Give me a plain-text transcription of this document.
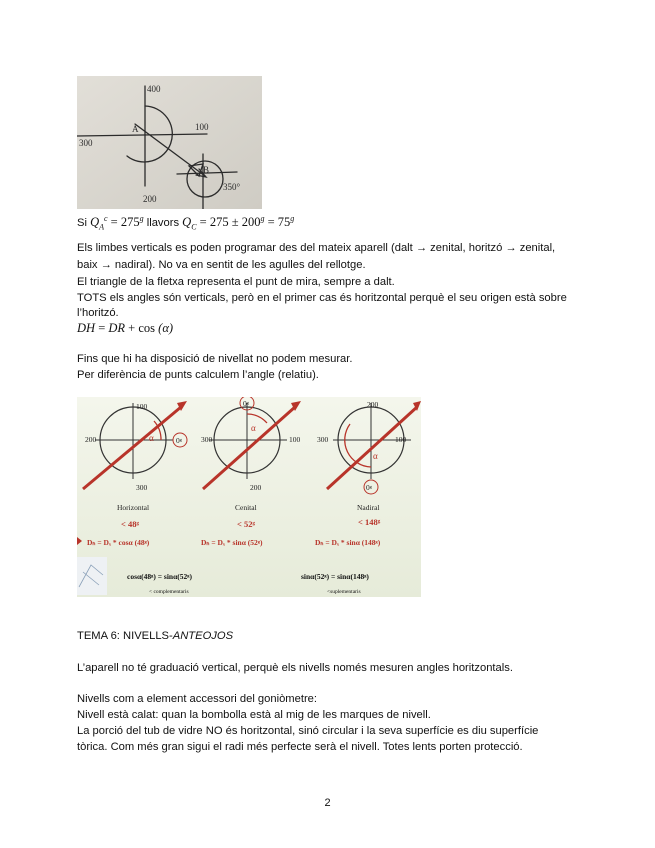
400
A	100
300
200
B
350°
Si $Q_A^c = 275^g$ llavors $Q_C = 275 \pm 200^g = 75^g$
Els limbes verticals es poden programar des del mateix aparell (dalt → zenital, horitzó → zenital,
baix → nadiral). No va en sentit de les agulles del rellotge.
El triangle de la fletxa representa el punt de mira, sempre a dalt.
TOTS els angles són verticals, però en el primer cas és horitzontal perquè el seu origen està sobre
l’horitzó.
DH = DR + cos (α)
Fins que hi ha disposició de nivellat no podem mesurar.
Per diferència de punts calculem l’angle (relatiu).
100
200
300
0ᵍ
α
Horizontal
< 48ᵍ
Dₕ = Dₓ * cosα (48ᵍ)
0ᵍ
300	100
200
α
Cenital
< 52ᵍ
Dₕ = Dₓ * sinα (52ᵍ)
200
300	100
0ᵍ
α
Nadiral
< 148ᵍ
Dₕ = Dₓ * sinα (148ᵍ)
cosα(48ᵍ) = sinα(52ᵍ)	sinα(52ᵍ) = sinα(148ᵍ)
< complementaris	<suplementaris
TEMA 6: NIVELLS-ANTEOJOS
L’aparell no té graduació vertical, perquè els nivells només mesuren angles horitzontals.
Nivells com a element accessori del goniòmetre:
Nivell està calat: quan la bombolla està al mig de les marques de nivell.
La porció del tub de vidre NO és horitzontal, sinó circular i la seva superfície es diu superfície
tòrica. Com més gran sigui el radi més perfecte serà el nivell. Totes lents porten protecció.
2
